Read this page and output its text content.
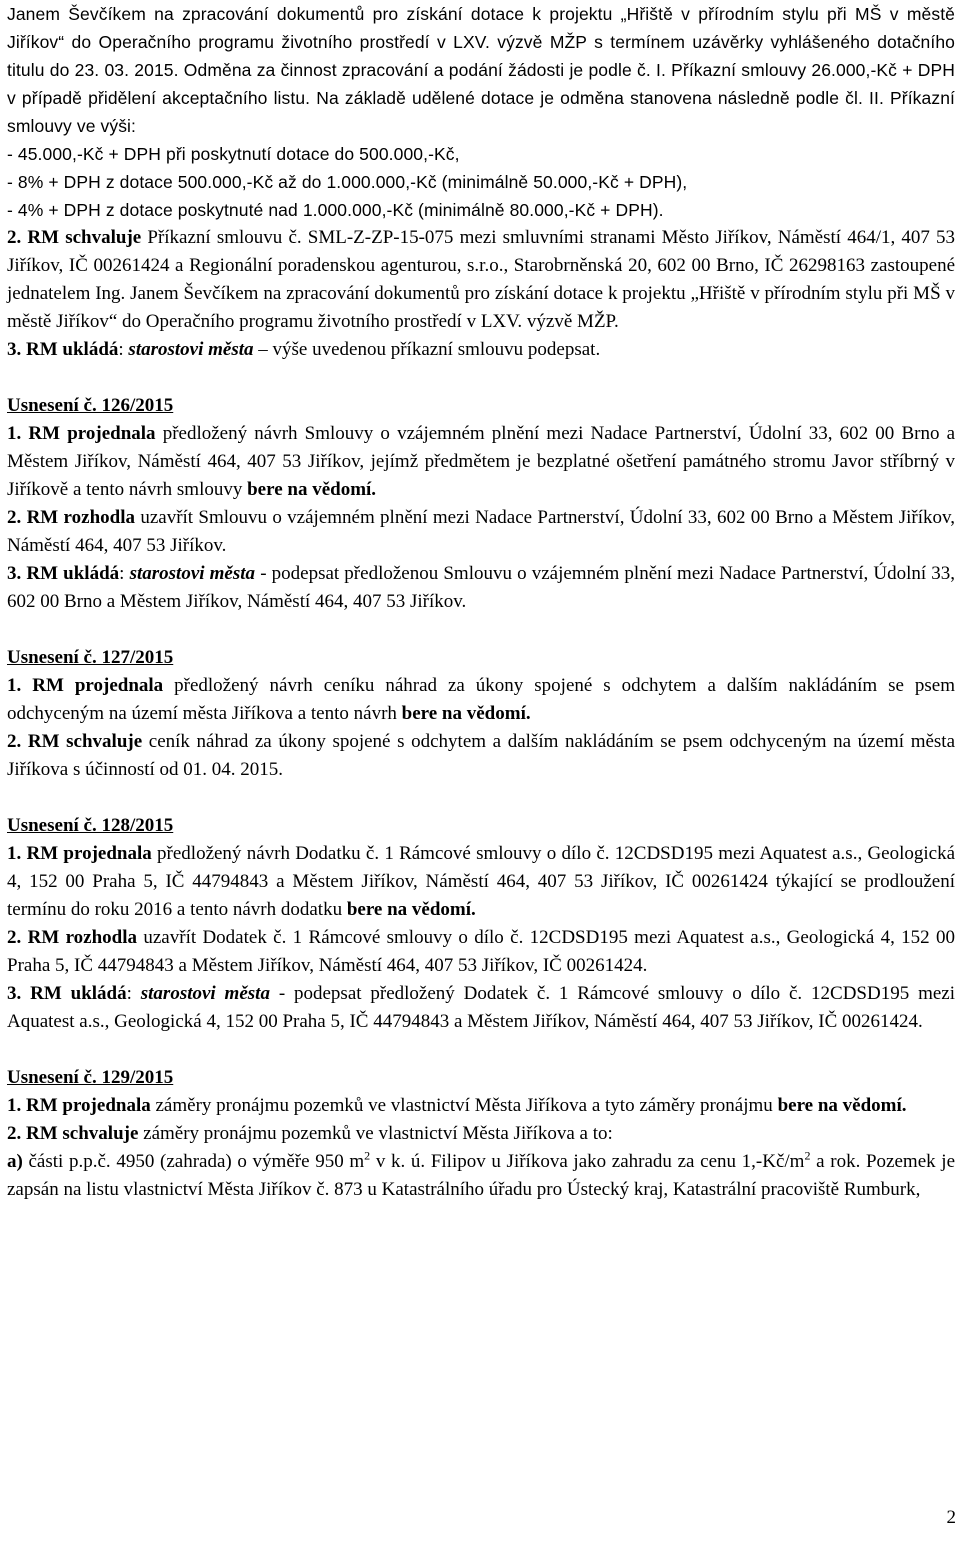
Janem Ševčíkem na zpracování dokumentů pro získání dotace k projektu „Hřiště v přírodním stylu při MŠ v městě Jiříkov“ do Operačního programu životního prostředí v LXV. výzvě MŽP s termínem uzávěrky vyhlášeného dotačního titulu do 23. 03. 2015. Odměna za činnost zpracování a podání žádosti je podle č. I. Příkazní smlouvy 26.000,-Kč + DPH v případě přidělení akceptačního listu. Na základě udělené dotace je odměna stanovena následně podle čl. II. Příkazní smlouvy ve výši:

- 45.000,-Kč + DPH při poskytnutí dotace do 500.000,-Kč,

- 8% + DPH z dotace 500.000,-Kč až do 1.000.000,-Kč (minimálně 50.000,-Kč + DPH),

- 4% + DPH z dotace poskytnuté nad 1.000.000,-Kč (minimálně 80.000,-Kč + DPH).

2. RM schvaluje Příkazní smlouvu č. SML-Z-ZP-15-075 mezi smluvními stranami Město Jiříkov, Náměstí 464/1, 407 53 Jiříkov, IČ 00261424 a Regionální poradenskou agenturou, s.r.o., Starobrněnská 20, 602 00 Brno, IČ 26298163 zastoupené jednatelem Ing. Janem Ševčíkem na zpracování dokumentů pro získání dotace k projektu „Hřiště v přírodním stylu při MŠ v městě Jiříkov“ do Operačního programu životního prostředí v LXV. výzvě MŽP.

3. RM ukládá: starostovi města – výše uvedenou příkazní smlouvu podepsat.

Usnesení č. 126/2015

1. RM projednala předložený návrh Smlouvy o vzájemném plnění mezi Nadace Partnerství, Údolní 33, 602 00 Brno a Městem Jiříkov, Náměstí 464, 407 53 Jiříkov, jejímž předmětem je bezplatné ošetření památného stromu Javor stříbrný v Jiříkově a tento návrh smlouvy bere na vědomí.

2. RM rozhodla uzavřít Smlouvu o vzájemném plnění mezi Nadace Partnerství, Údolní 33, 602 00 Brno a Městem Jiříkov, Náměstí 464, 407 53 Jiříkov.

3. RM ukládá: starostovi města - podepsat předloženou Smlouvu o vzájemném plnění mezi Nadace Partnerství, Údolní 33, 602 00 Brno a Městem Jiříkov, Náměstí 464, 407 53 Jiříkov.

Usnesení č. 127/2015

1. RM projednala předložený návrh ceníku náhrad za úkony spojené s odchytem a dalším nakládáním se psem odchyceným na území města Jiříkova a tento návrh bere na vědomí.

2. RM schvaluje ceník náhrad za úkony spojené s odchytem a dalším nakládáním se psem odchyceným na území města Jiříkova s účinností od 01. 04. 2015.

Usnesení č. 128/2015

1. RM projednala předložený návrh Dodatku č. 1 Rámcové smlouvy o dílo č. 12CDSD195 mezi Aquatest a.s., Geologická 4, 152 00 Praha 5, IČ 44794843 a Městem Jiříkov, Náměstí 464, 407 53 Jiříkov, IČ 00261424 týkající se prodloužení termínu do roku 2016 a tento návrh dodatku bere na vědomí.

2. RM rozhodla uzavřít Dodatek č. 1 Rámcové smlouvy o dílo č. 12CDSD195 mezi Aquatest a.s., Geologická 4, 152 00 Praha 5, IČ 44794843 a Městem Jiříkov, Náměstí 464, 407 53 Jiříkov, IČ 00261424.

3. RM ukládá: starostovi města - podepsat předložený Dodatek č. 1 Rámcové smlouvy o dílo č. 12CDSD195 mezi Aquatest a.s., Geologická 4, 152 00 Praha 5, IČ 44794843 a Městem Jiříkov, Náměstí 464, 407 53 Jiříkov, IČ 00261424.

Usnesení č. 129/2015

1. RM projednala záměry pronájmu pozemků ve vlastnictví Města Jiříkova a tyto záměry pronájmu bere na vědomí.

2. RM schvaluje záměry pronájmu pozemků ve vlastnictví Města Jiříkova a to:

a) části p.p.č. 4950 (zahrada) o výměře 950 $m^2$ v k. ú. Filipov u Jiříkova jako zahradu za cenu $1,-Kč/m^2$ a rok. Pozemek je zapsán na listu vlastnictví Města Jiříkov č. 873 u Katastrálního úřadu pro Ústecký kraj, Katastrální pracoviště Rumburk,

2
